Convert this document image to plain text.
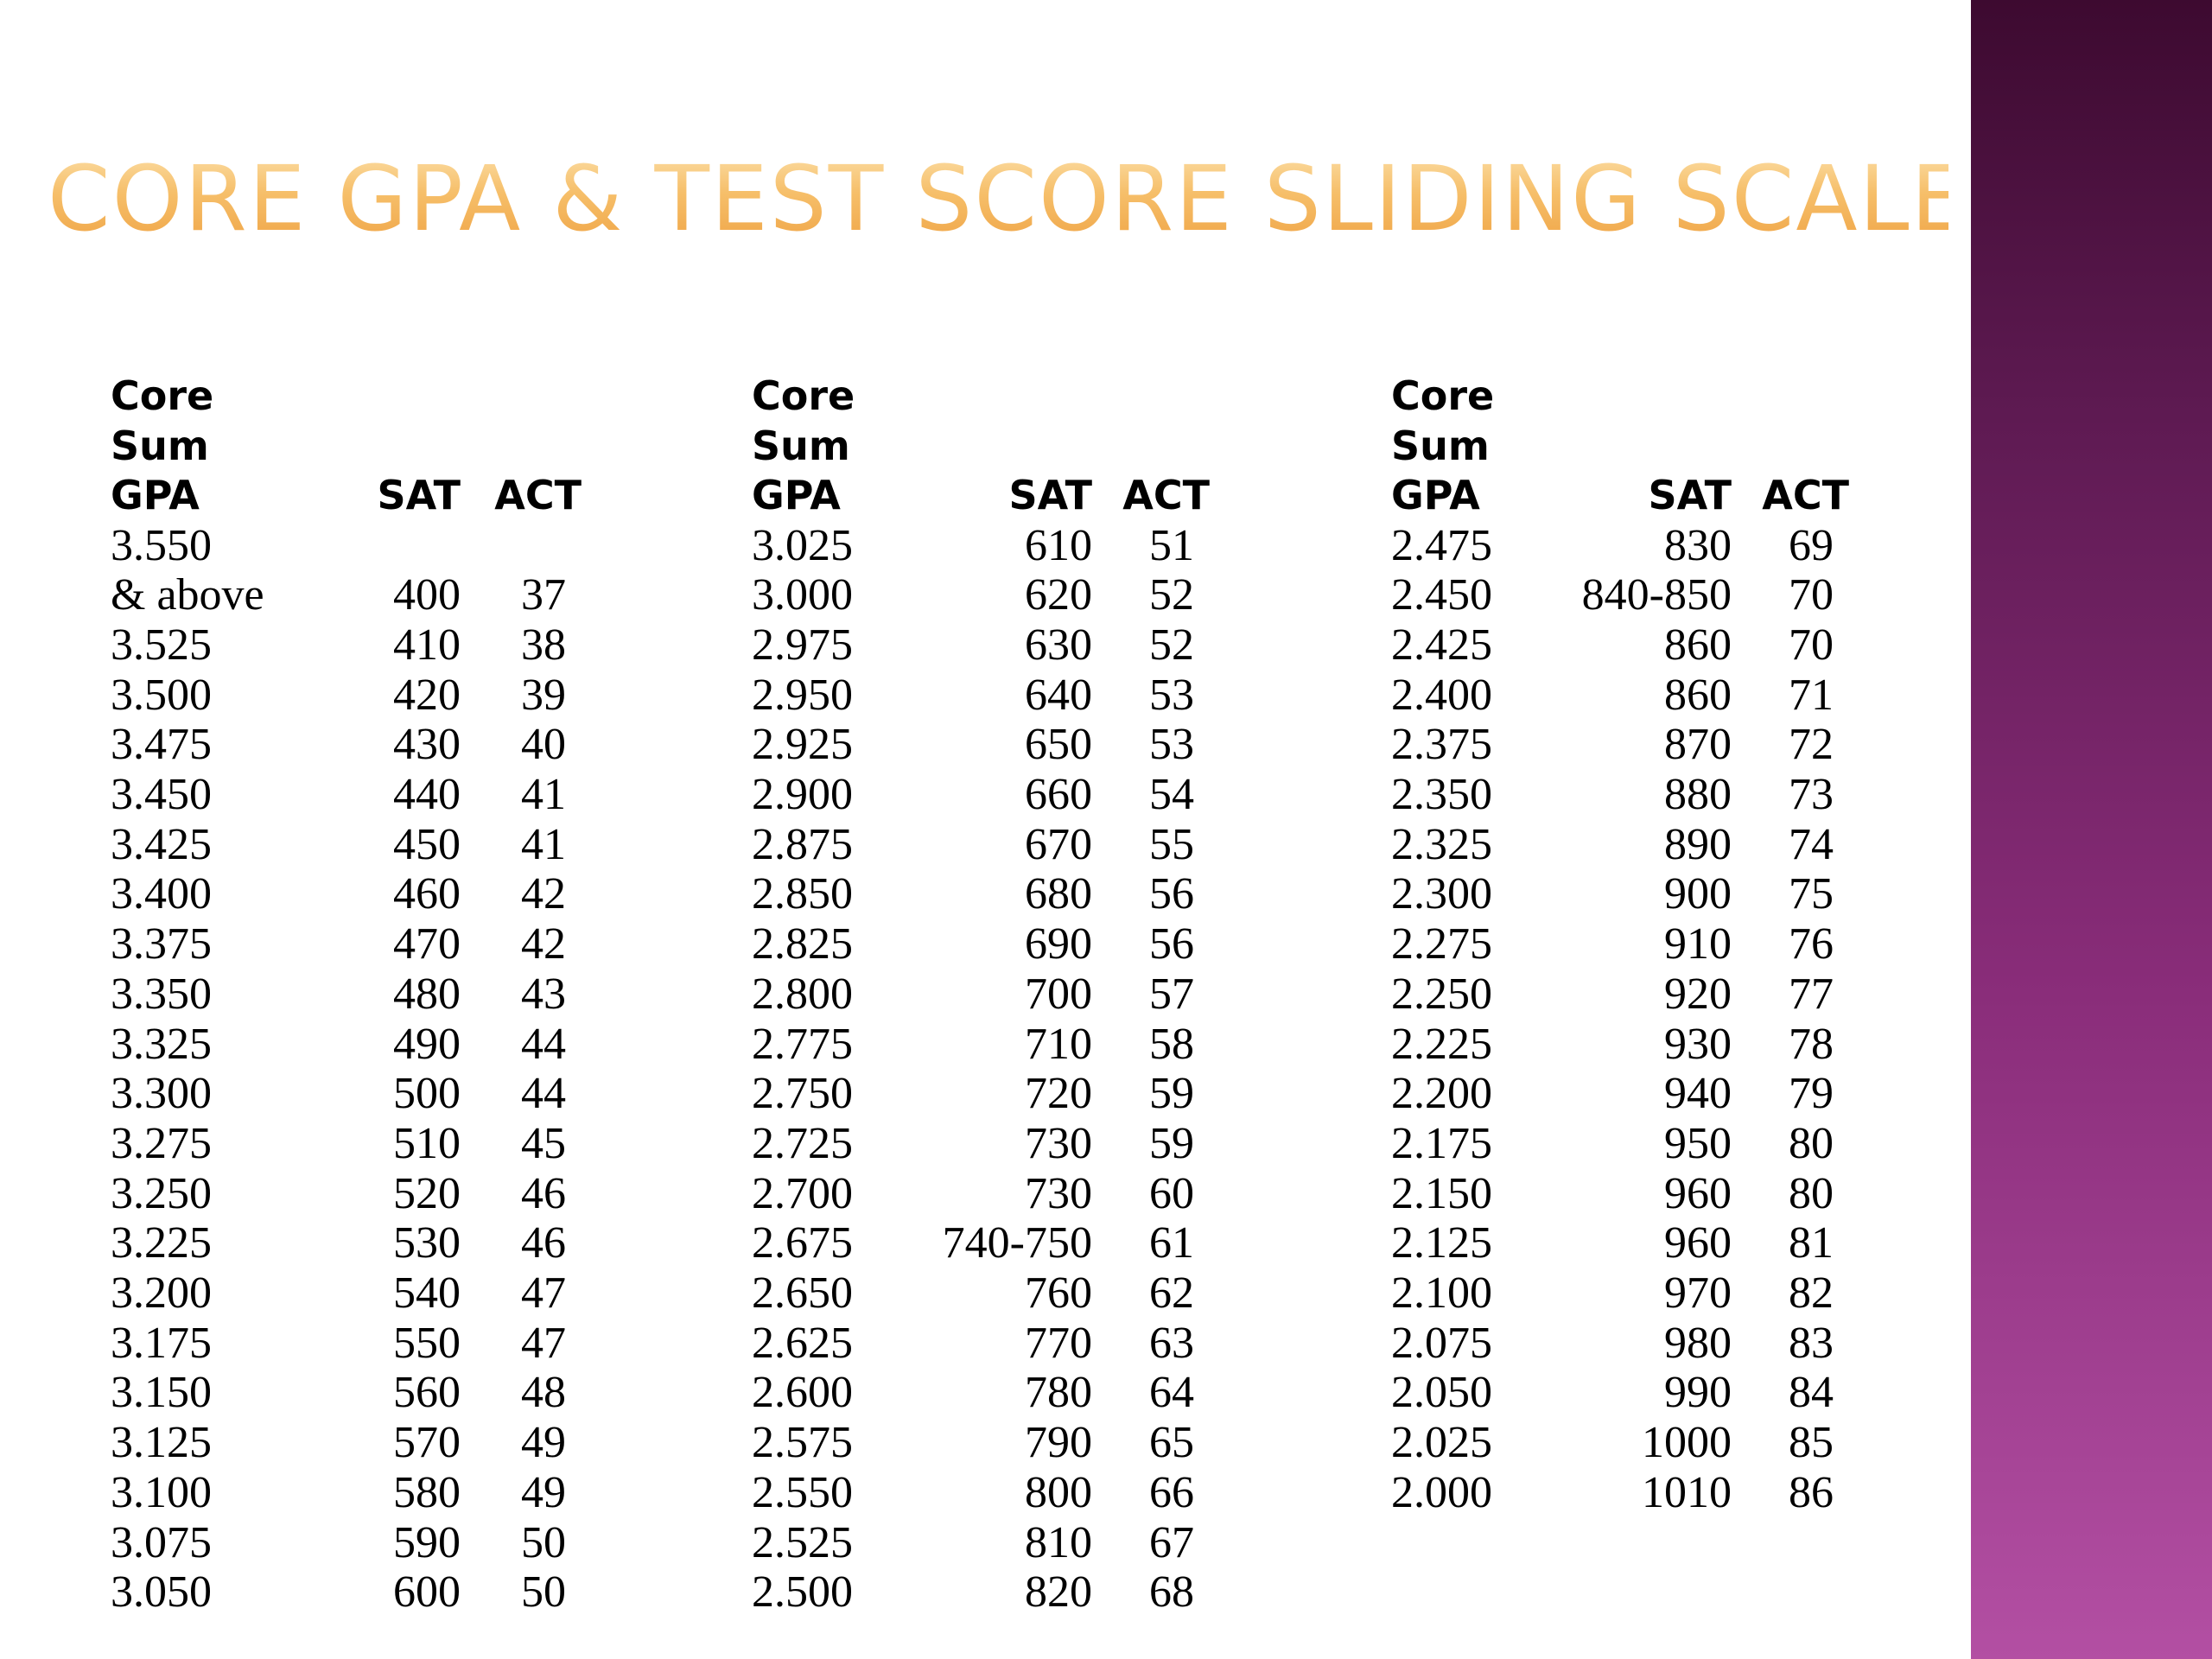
CORE GPA & TEST SCORE SLIDING SCALE
Core
Sum
GPA	SAT	ACT
3.550		
& above	400	37
3.525	410	38
3.500	420	39
3.475	430	40
3.450	440	41
3.425	450	41
3.400	460	42
3.375	470	42
3.350	480	43
3.325	490	44
3.300	500	44
3.275	510	45
3.250	520	46
3.225	530	46
3.200	540	47
3.175	550	47
3.150	560	48
3.125	570	49
3.100	580	49
3.075	590	50
3.050	600	50
Core
Sum
GPA	SAT	ACT
3.025	610	51
3.000	620	52
2.975	630	52
2.950	640	53
2.925	650	53
2.900	660	54
2.875	670	55
2.850	680	56
2.825	690	56
2.800	700	57
2.775	710	58
2.750	720	59
2.725	730	59
2.700	730	60
2.675	740-750	61
2.650	760	62
2.625	770	63
2.600	780	64
2.575	790	65
2.550	800	66
2.525	810	67
2.500	820	68
Core
Sum
GPA	SAT	ACT
2.475	830	69
2.450	840-850	70
2.425	860	70
2.400	860	71
2.375	870	72
2.350	880	73
2.325	890	74
2.300	900	75
2.275	910	76
2.250	920	77
2.225	930	78
2.200	940	79
2.175	950	80
2.150	960	80
2.125	960	81
2.100	970	82
2.075	980	83
2.050	990	84
2.025	1000	85
2.000	1010	86
